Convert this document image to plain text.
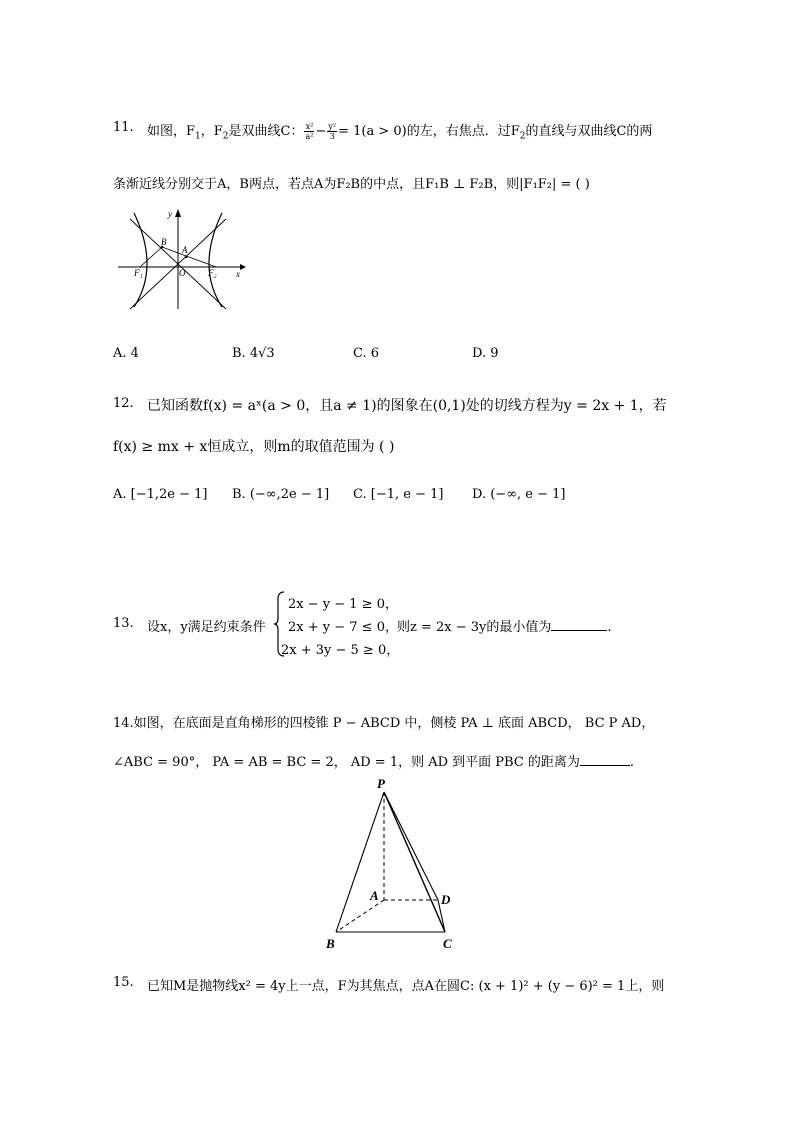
11. 如图，$F_1$，$F_2$是双曲线C： $\frac{\text{x²}}{\text{a²}} - \frac{\text{y²}}{3} = 1(a > 0)$的左，右焦点．过$F_2$的直线与双曲线C的两
条渐近线分别交于A，B两点，若点A为F₂B的中点，且F₁B ⊥ F₂B，则|F₁F₂| = ( )
y
x
B
A
O
F₁	F₂
A. 4	B. 4√3	C. 6	D. 9
12. 已知函数f(x) = aˣ(a > 0，且a ≠ 1)的图象在(0,1)处的切线方程为y = 2x + 1，若
f(x) ≥ mx + x恒成立，则m的取值范围为 ( )
A. [−1,2e − 1] B. (−∞,2e − 1] C. [−1, e − 1] D. (−∞, e − 1]
13. 设x，y满足约束条件
2x − y − 1 ≥ 0，
2x + y − 7 ≤ 0，
2x + 3y − 5 ≥ 0，
则z = 2x − 3y的最小值为	.
14.如图，在底面是直角梯形的四棱锥 P − ABCD 中，侧棱 PA ⊥ 底面 ABCD， BC P AD，
∠ABC = 90°， PA = AB = BC = 2， AD = 1，则 AD 到平面 PBC 的距离为	.
P
A
B	C
D
15. 已知M是抛物线x² = 4y上一点，F为其焦点，点A在圆C: (x + 1)² + (y − 6)² = 1上，则
